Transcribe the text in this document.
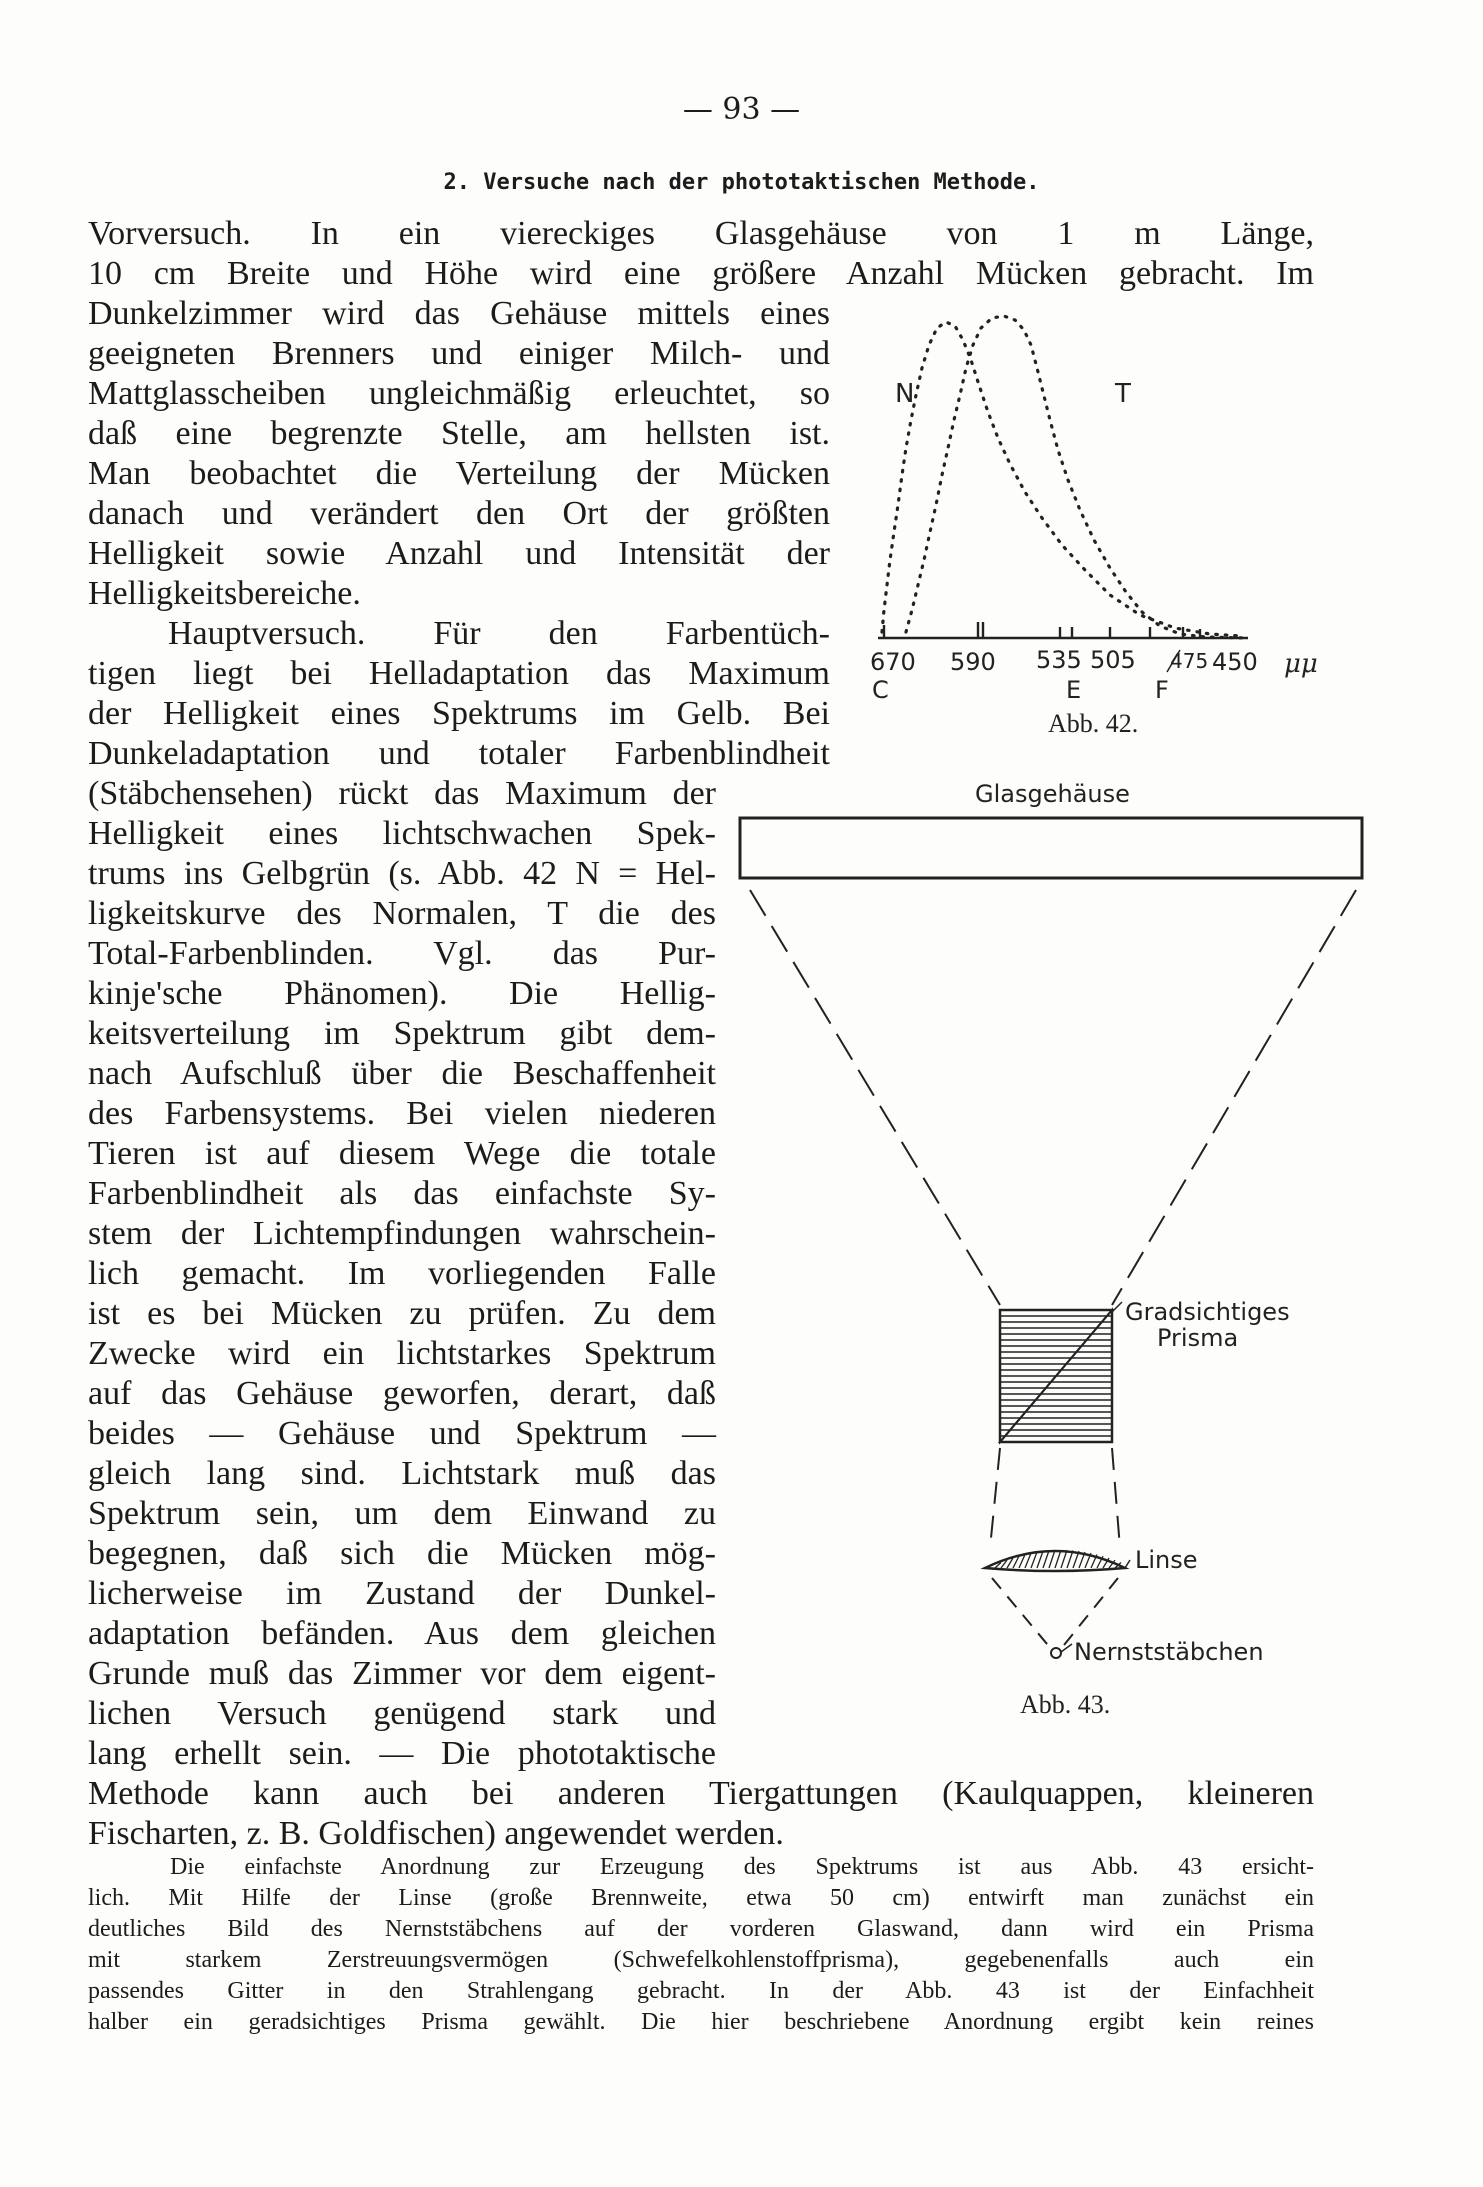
— 93 —
2. Versuche nach der phototaktischen Methode.
Vorversuch. In ein viereckiges Glasgehäuse von 1 m Länge,
10 cm Breite und Höhe wird eine größere Anzahl Mücken gebracht. Im
Dunkelzimmer wird das Gehäuse mittels eines
geeigneten Brenners und einiger Milch- und
Mattglasscheiben ungleichmäßig erleuchtet, so
daß eine begrenzte Stelle, am hellsten ist.
Man beobachtet die Verteilung der Mücken
danach und verändert den Ort der größten
Helligkeit sowie Anzahl und Intensität der
Helligkeitsbereiche.
Hauptversuch. Für den Farbentüch-
tigen liegt bei Helladaptation das Maximum
der Helligkeit eines Spektrums im Gelb. Bei
Dunkeladaptation und totaler Farbenblindheit
(Stäbchensehen) rückt das Maximum der
Helligkeit eines lichtschwachen Spek-
trums ins Gelbgrün (s. Abb. 42 N = Hel-
ligkeitskurve des Normalen, T die des
Total-Farbenblinden. Vgl. das Pur-
kinje'sche Phänomen). Die Hellig-
keitsverteilung im Spektrum gibt dem-
nach Aufschluß über die Beschaffenheit
des Farbensystems. Bei vielen niederen
Tieren ist auf diesem Wege die totale
Farbenblindheit als das einfachste Sy-
stem der Lichtempfindungen wahrschein-
lich gemacht. Im vorliegenden Falle
ist es bei Mücken zu prüfen. Zu dem
Zwecke wird ein lichtstarkes Spektrum
auf das Gehäuse geworfen, derart, daß
beides — Gehäuse und Spektrum —
gleich lang sind. Lichtstark muß das
Spektrum sein, um dem Einwand zu
begegnen, daß sich die Mücken mög-
licherweise im Zustand der Dunkel-
adaptation befänden. Aus dem gleichen
Grunde muß das Zimmer vor dem eigent-
lichen Versuch genügend stark und
lang erhellt sein. — Die phototaktische
Methode kann auch bei anderen Tiergattungen (Kaulquappen, kleineren
Fischarten, z. B. Goldfischen) angewendet werden.
Die einfachste Anordnung zur Erzeugung des Spektrums ist aus Abb. 43 ersicht-
lich. Mit Hilfe der Linse (große Brennweite, etwa 50 cm) entwirft man zunächst ein
deutliches Bild des Nernststäbchens auf der vorderen Glaswand, dann wird ein Prisma
mit starkem Zerstreuungsvermögen (Schwefelkohlenstoffprisma), gegebenenfalls auch ein
passendes Gitter in den Strahlengang gebracht. In der Abb. 43 ist der Einfachheit
halber ein geradsichtiges Prisma gewählt. Die hier beschriebene Anordnung ergibt kein reines
N	T
670 590 535 505 475 450 μμ
C	E	F
Abb. 42.
Glasgehäuse
Gradsichtiges
Prisma
Linse
Nernststäbchen
Abb. 43.
